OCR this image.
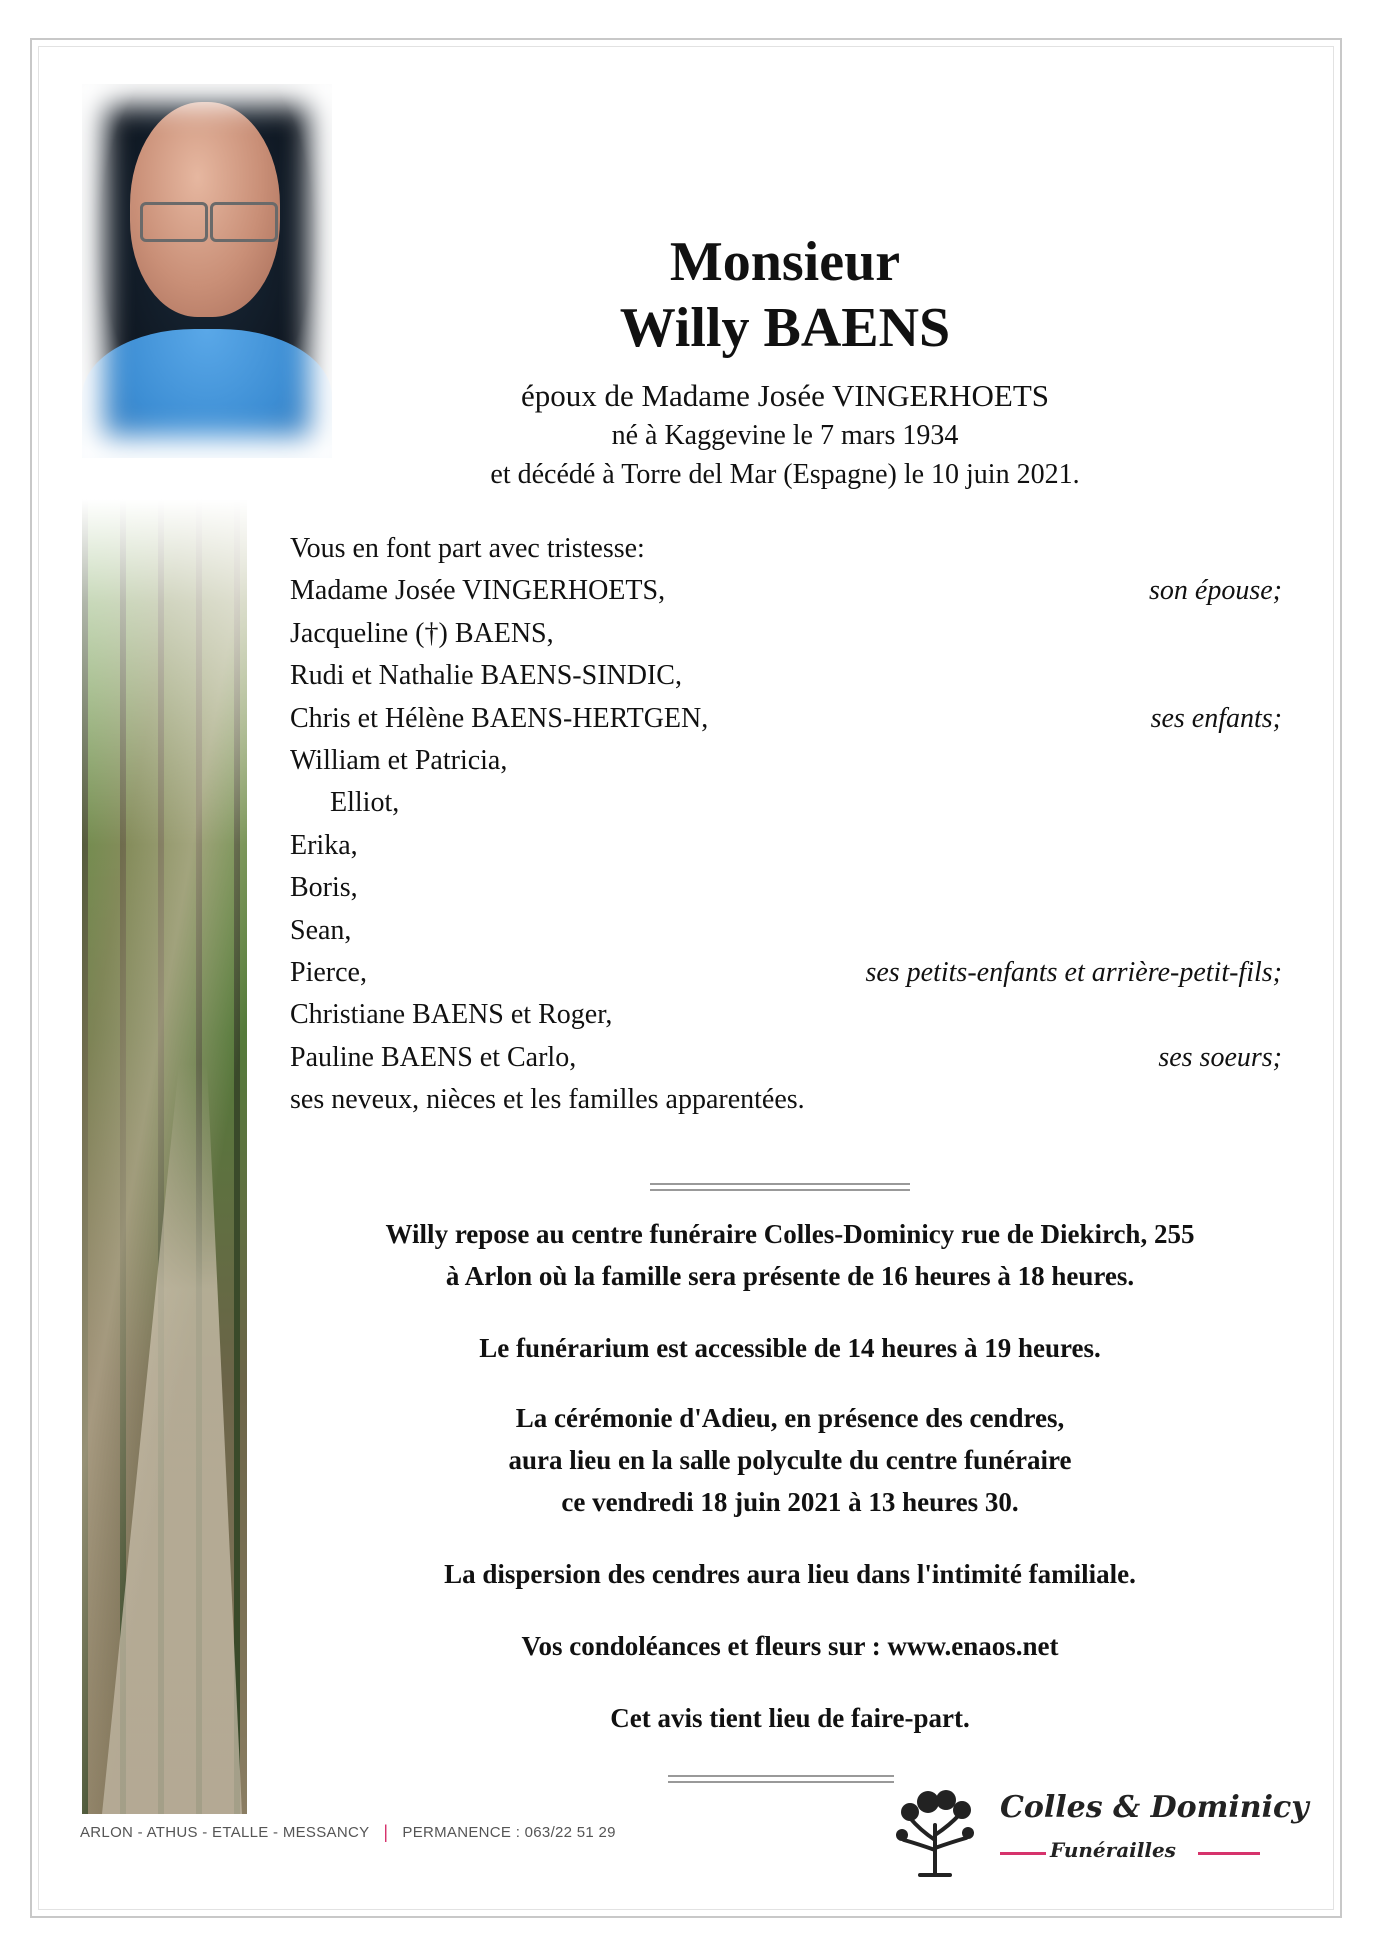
Monsieur
Willy BAENS
époux de Madame Josée VINGERHOETS
né à Kaggevine le 7 mars 1934
et décédé à Torre del Mar (Espagne) le 10 juin 2021.
Vous en font part avec tristesse:
Madame Josée VINGERHOETS,	son épouse;
Jacqueline (†) BAENS,
Rudi et Nathalie BAENS-SINDIC,
Chris et Hélène BAENS-HERTGEN,	ses enfants;
William et Patricia,
Elliot,
Erika,
Boris,
Sean,
Pierce,	ses petits-enfants et arrière-petit-fils;
Christiane BAENS et Roger,
Pauline BAENS et Carlo,	ses soeurs;
ses neveux, nièces et les familles apparentées.
Willy repose au centre funéraire Colles-Dominicy rue de Diekirch, 255
à Arlon où la famille sera présente de 16 heures à 18 heures.
Le funérarium est accessible de 14 heures à 19 heures.
La cérémonie d'Adieu, en présence des cendres,
aura lieu en la salle polyculte du centre funéraire
ce vendredi 18 juin 2021 à 13 heures 30.
La dispersion des cendres aura lieu dans l'intimité familiale.
Vos condoléances et fleurs sur : www.enaos.net
Cet avis tient lieu de faire-part.
ARLON - ATHUS - ETALLE - MESSANCY | PERMANENCE : 063/22 51 29
Colles & Dominicy
Funérailles
